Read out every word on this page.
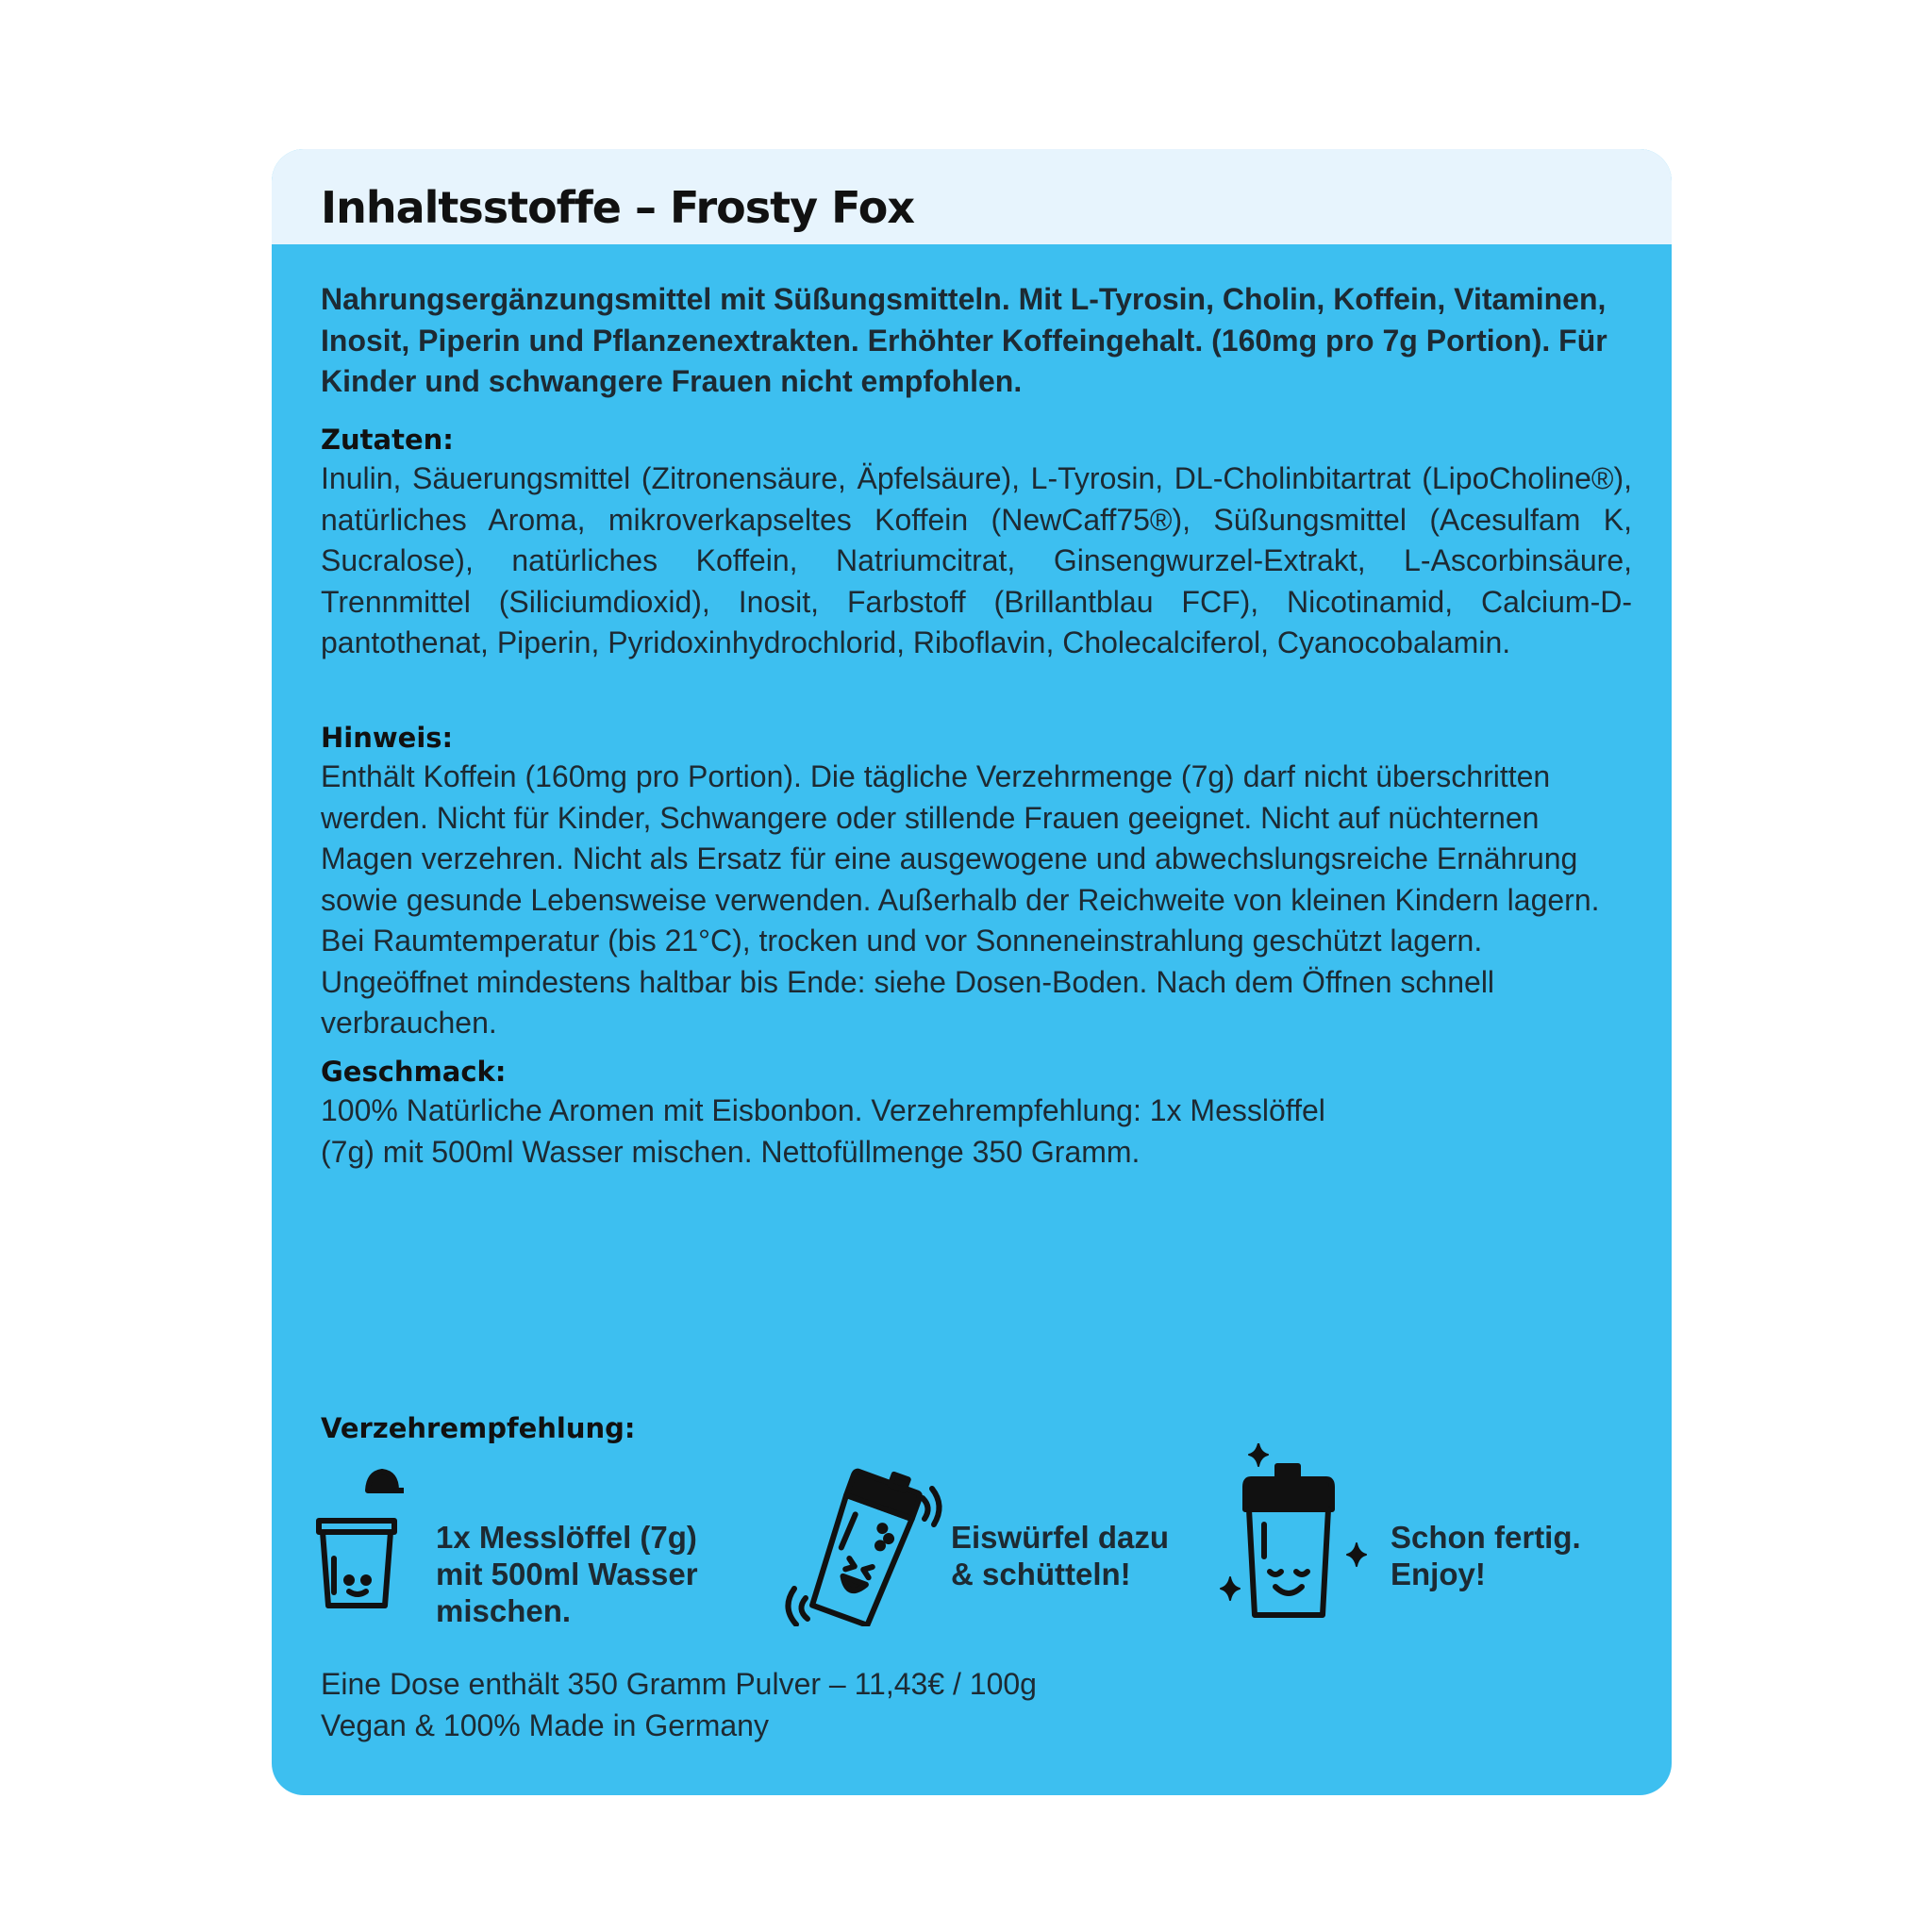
Inhaltsstoffe – Frosty Fox

Nahrungsergänzungsmittel mit Süßungsmitteln. Mit L-Tyrosin, Cholin, Koffein, Vitaminen, Inosit, Piperin und Pflanzenextrakten. Erhöhter Koffeingehalt. (160mg pro 7g Portion). Für Kinder und schwangere Frauen nicht empfohlen.

Zutaten:

Inulin, Säuerungsmittel (Zitronensäure, Äpfelsäure), L-Tyrosin, DL-Cholinbitartrat (LipoCholine®), natürliches Aroma, mikroverkapseltes Koffein (NewCaff75®), Süßungsmittel (Acesulfam K, Sucralose), natürliches Koffein, Natriumcitrat, Ginsengwurzel-Extrakt, L-Ascorbinsäure, Trennmittel (Siliciumdioxid), Inosit, Farbstoff (Brillantblau FCF), Nicotinamid, Calcium-D-pantothenat, Piperin, Pyridoxinhydrochlorid, Riboflavin, Cholecalciferol, Cyanocobalamin.

Hinweis:

Enthält Koffein (160mg pro Portion). Die tägliche Verzehrmenge (7g) darf nicht überschritten werden. Nicht für Kinder, Schwangere oder stillende Frauen geeignet. Nicht auf nüchternen Magen verzehren. Nicht als Ersatz für eine ausgewogene und abwechslungsreiche Ernährung sowie gesunde Lebensweise verwenden. Außerhalb der Reichweite von kleinen Kindern lagern. Bei Raumtemperatur (bis 21°C), trocken und vor Sonneneinstrahlung geschützt lagern. Ungeöffnet mindestens haltbar bis Ende: siehe Dosen-Boden. Nach dem Öffnen schnell verbrauchen.

Geschmack:

100% Natürliche Aromen mit Eisbonbon. Verzehrempfehlung: 1x Messlöffel (7g) mit 500ml Wasser mischen. Nettofüllmenge 350 Gramm.

Verzehrempfehlung:
1x Messlöffel (7g)
mit 500ml Wasser
mischen.
Eiswürfel dazu
& schütteln!
Schon fertig.
Enjoy!
Eine Dose enthält 350 Gramm Pulver – 11,43€ / 100g
Vegan & 100% Made in Germany
